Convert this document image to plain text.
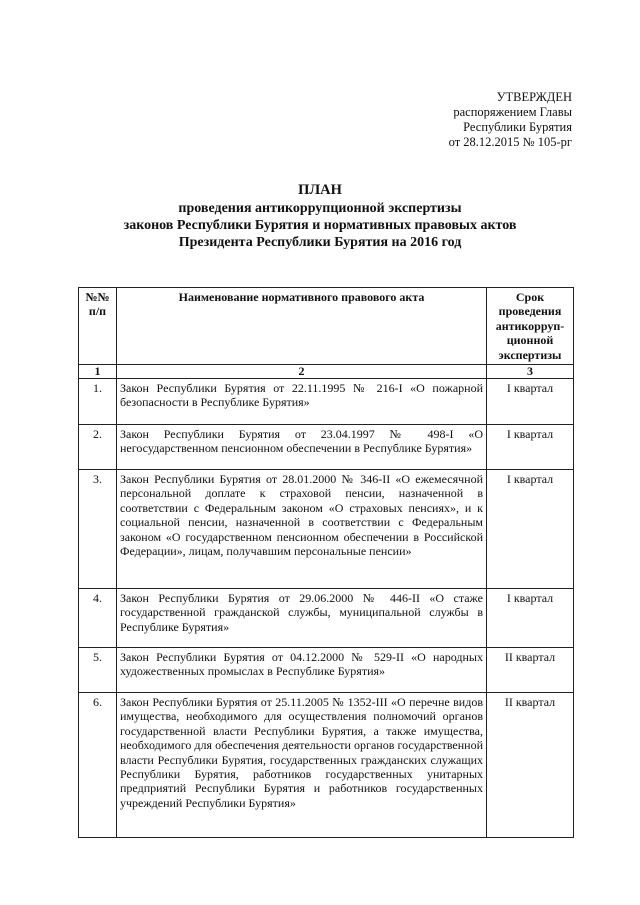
УТВЕРЖДЕН
распоряжением Главы
Республики Бурятия
от 28.12.2015 № 105-рг
ПЛАН
проведения антикоррупционной экспертизы
законов Республики Бурятия и нормативных правовых актов
Президента Республики Бурятия на 2016 год
№№ п/п	Наименование нормативного правового акта	Срок проведения антикорруп-ционной экспертизы
1	2	3
1.	Закон Республики Бурятия от 22.11.1995 № 216-I «О пожарной безопасности в Республике Бурятия»	I квартал
2.	Закон Республики Бурятия от 23.04.1997 № 498-I «О негосударственном пенсионном обеспечении в Республике Бурятия»	I квартал
3.	Закон Республики Бурятия от 28.01.2000 № 346-II «О ежемесячной персональной доплате к страховой пенсии, назначенной в соответствии с Федеральным законом «О страховых пенсиях», и к социальной пенсии, назначенной в соответствии с Федеральным законом «О государственном пенсионном обеспечении в Российской Федерации», лицам, получавшим персональные пенсии»	I квартал
4.	Закон Республики Бурятия от 29.06.2000 № 446-II «О стаже государственной гражданской службы, муниципальной службы в Республике Бурятия»	I квартал
5.	Закон Республики Бурятия от 04.12.2000 № 529-II «О народных художественных промыслах в Республике Бурятия»	II квартал
6.	Закон Республики Бурятия от 25.11.2005 № 1352-III «О перечне видов имущества, необходимого для осуществления полномочий органов государственной власти Республики Бурятия, а также имущества, необходимого для обеспечения деятельности органов государственной власти Республики Бурятия, государственных гражданских служащих Республики Бурятия, работников государственных унитарных предприятий Республики Бурятия и работников государственных учреждений Республики Бурятия»	II квартал
